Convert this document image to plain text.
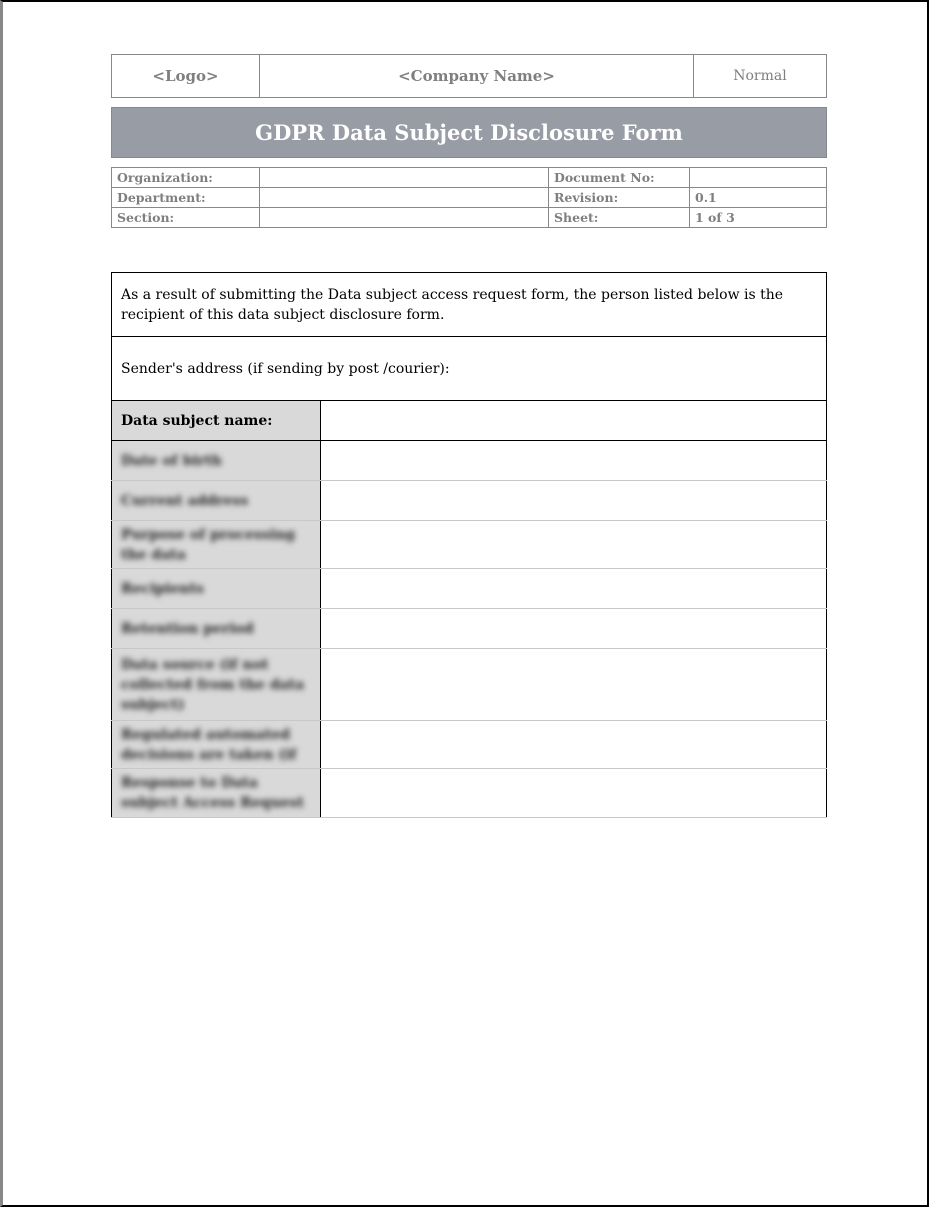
<Logo>	<Company Name>	Normal
GDPR Data Subject Disclosure Form
Organization:		Document No:	
Department:		Revision:	0.1
Section:		Sheet:	1 of 3
As a result of submitting the Data subject access request form, the person listed below is the recipient of this data subject disclosure form.	
Sender's address (if sending by post /courier):	
Data subject name:	
Date of birth	
Current address	
Purpose of processing the data	
Recipients	
Retention period	
Data source (if not collected from the data subject)	
Regulated automated decisions are taken (if	
Response to Data subject Access Request	
